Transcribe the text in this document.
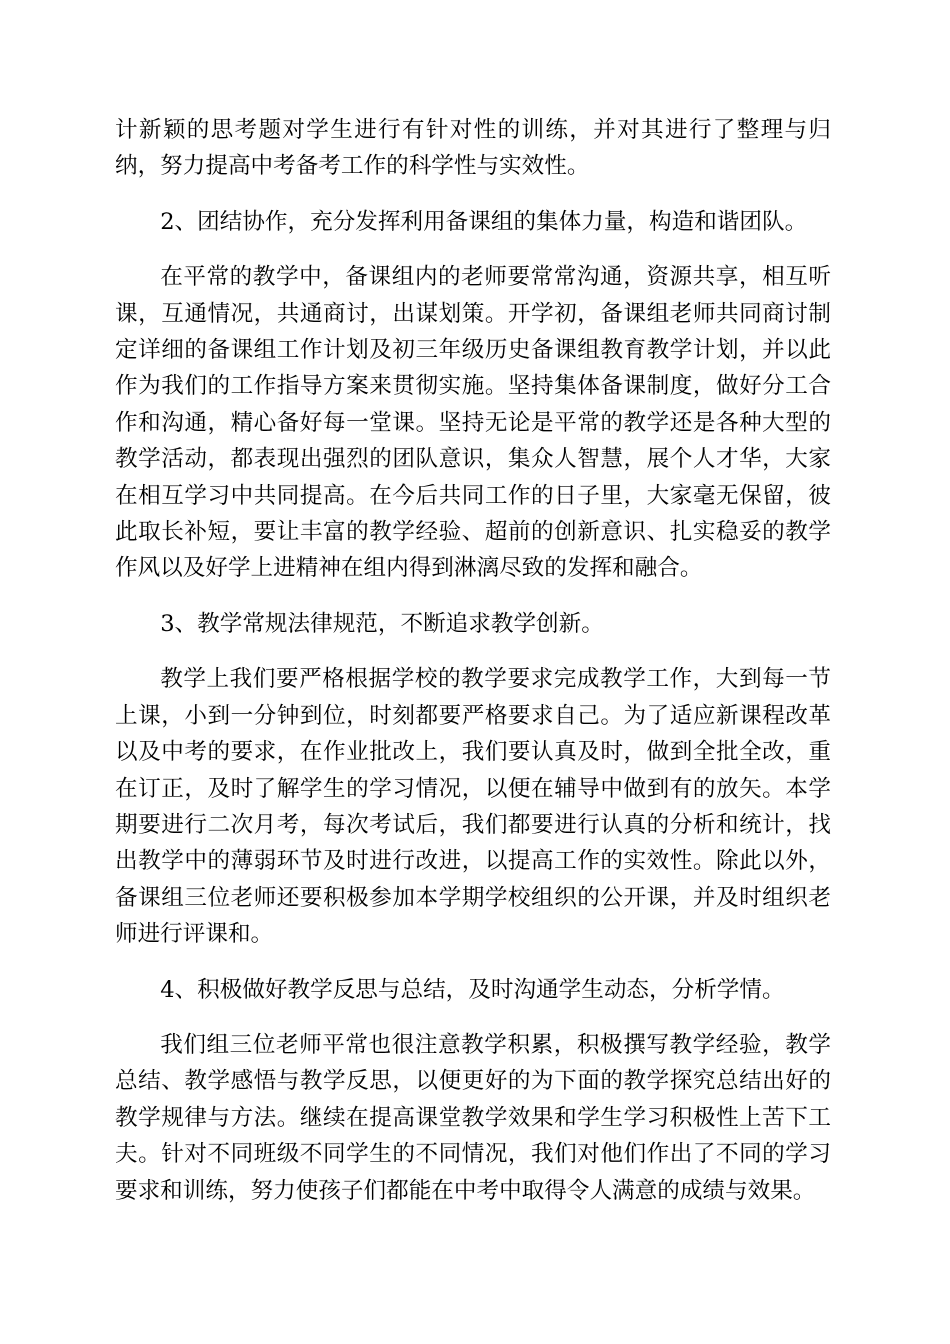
计新颖的思考题对学生进行有针对性的训练，并对其进行了整理与归纳，努力提高中考备考工作的科学性与实效性。

2、团结协作，充分发挥利用备课组的集体力量，构造和谐团队。

在平常的教学中，备课组内的老师要常常沟通，资源共享，相互听课，互通情况，共通商讨，出谋划策。开学初，备课组老师共同商讨制定详细的备课组工作计划及初三年级历史备课组教育教学计划，并以此作为我们的工作指导方案来贯彻实施。坚持集体备课制度，做好分工合作和沟通，精心备好每一堂课。坚持无论是平常的教学还是各种大型的教学活动，都表现出强烈的团队意识，集众人智慧，展个人才华，大家在相互学习中共同提高。在今后共同工作的日子里，大家毫无保留，彼此取长补短，要让丰富的教学经验、超前的创新意识、扎实稳妥的教学作风以及好学上进精神在组内得到淋漓尽致的发挥和融合。

3、教学常规法律规范，不断追求教学创新。

教学上我们要严格根据学校的教学要求完成教学工作，大到每一节上课，小到一分钟到位，时刻都要严格要求自己。为了适应新课程改革以及中考的要求，在作业批改上，我们要认真及时，做到全批全改，重在订正，及时了解学生的学习情况，以便在辅导中做到有的放矢。本学期要进行二次月考，每次考试后，我们都要进行认真的分析和统计，找出教学中的薄弱环节及时进行改进，以提高工作的实效性。除此以外，备课组三位老师还要积极参加本学期学校组织的公开课，并及时组织老师进行评课和。

4、积极做好教学反思与总结，及时沟通学生动态，分析学情。

我们组三位老师平常也很注意教学积累，积极撰写教学经验，教学总结、教学感悟与教学反思，以便更好的为下面的教学探究总结出好的教学规律与方法。继续在提高课堂教学效果和学生学习积极性上苦下工夫。针对不同班级不同学生的不同情况，我们对他们作出了不同的学习要求和训练，努力使孩子们都能在中考中取得令人满意的成绩与效果。
